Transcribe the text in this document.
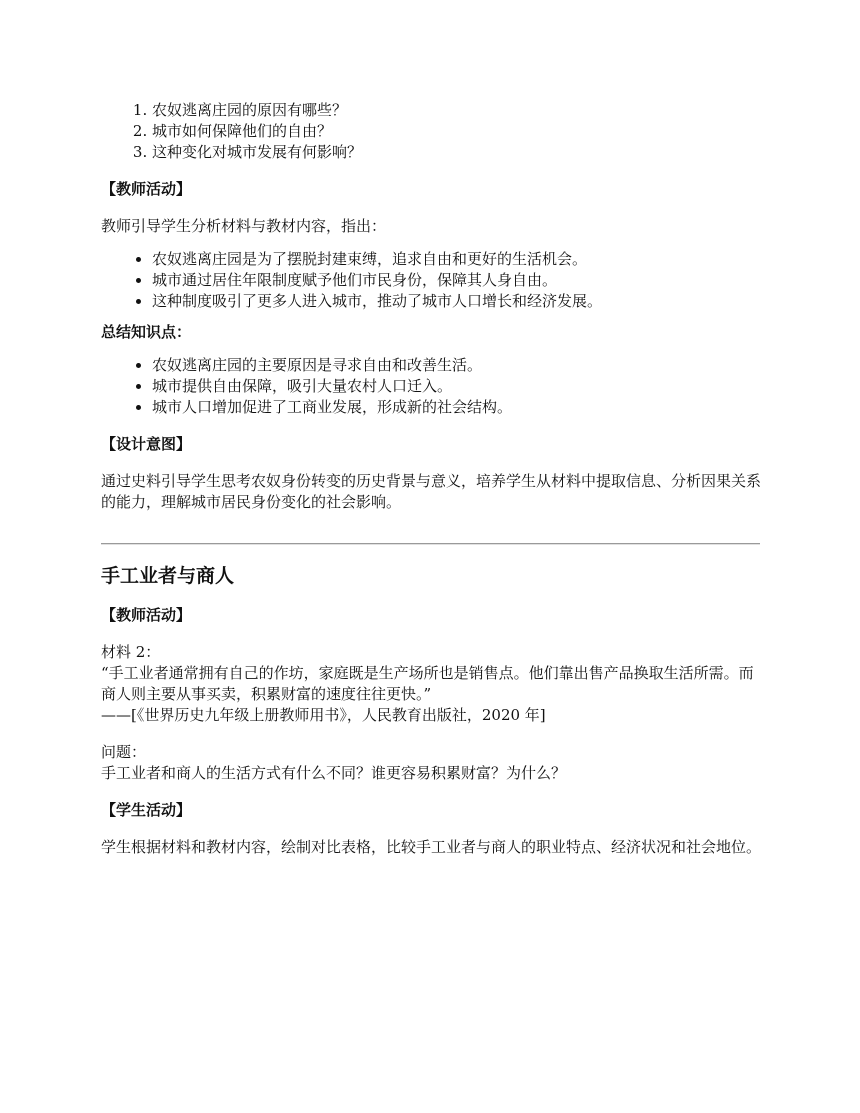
1. 农奴逃离庄园的原因有哪些？
2. 城市如何保障他们的自由？
3. 这种变化对城市发展有何影响？

【教师活动】

教师引导学生分析材料与教材内容，指出：

• 农奴逃离庄园是为了摆脱封建束缚，追求自由和更好的生活机会。
• 城市通过居住年限制度赋予他们市民身份，保障其人身自由。
• 这种制度吸引了更多人进入城市，推动了城市人口增长和经济发展。

总结知识点：

• 农奴逃离庄园的主要原因是寻求自由和改善生活。
• 城市提供自由保障，吸引大量农村人口迁入。
• 城市人口增加促进了工商业发展，形成新的社会结构。

【设计意图】

通过史料引导学生思考农奴身份转变的历史背景与意义，培养学生从材料中提取信息、分析因果关系的能力，理解城市居民身份变化的社会影响。

手工业者与商人

【教师活动】

材料 2：

“手工业者通常拥有自己的作坊，家庭既是生产场所也是销售点。他们靠出售产品换取生活所需。而商人则主要从事买卖，积累财富的速度往往更快。”

——[《世界历史九年级上册教师用书》，人民教育出版社，2020 年]

问题：

手工业者和商人的生活方式有什么不同？谁更容易积累财富？为什么？

【学生活动】

学生根据材料和教材内容，绘制对比表格，比较手工业者与商人的职业特点、经济状况和社会地位。
